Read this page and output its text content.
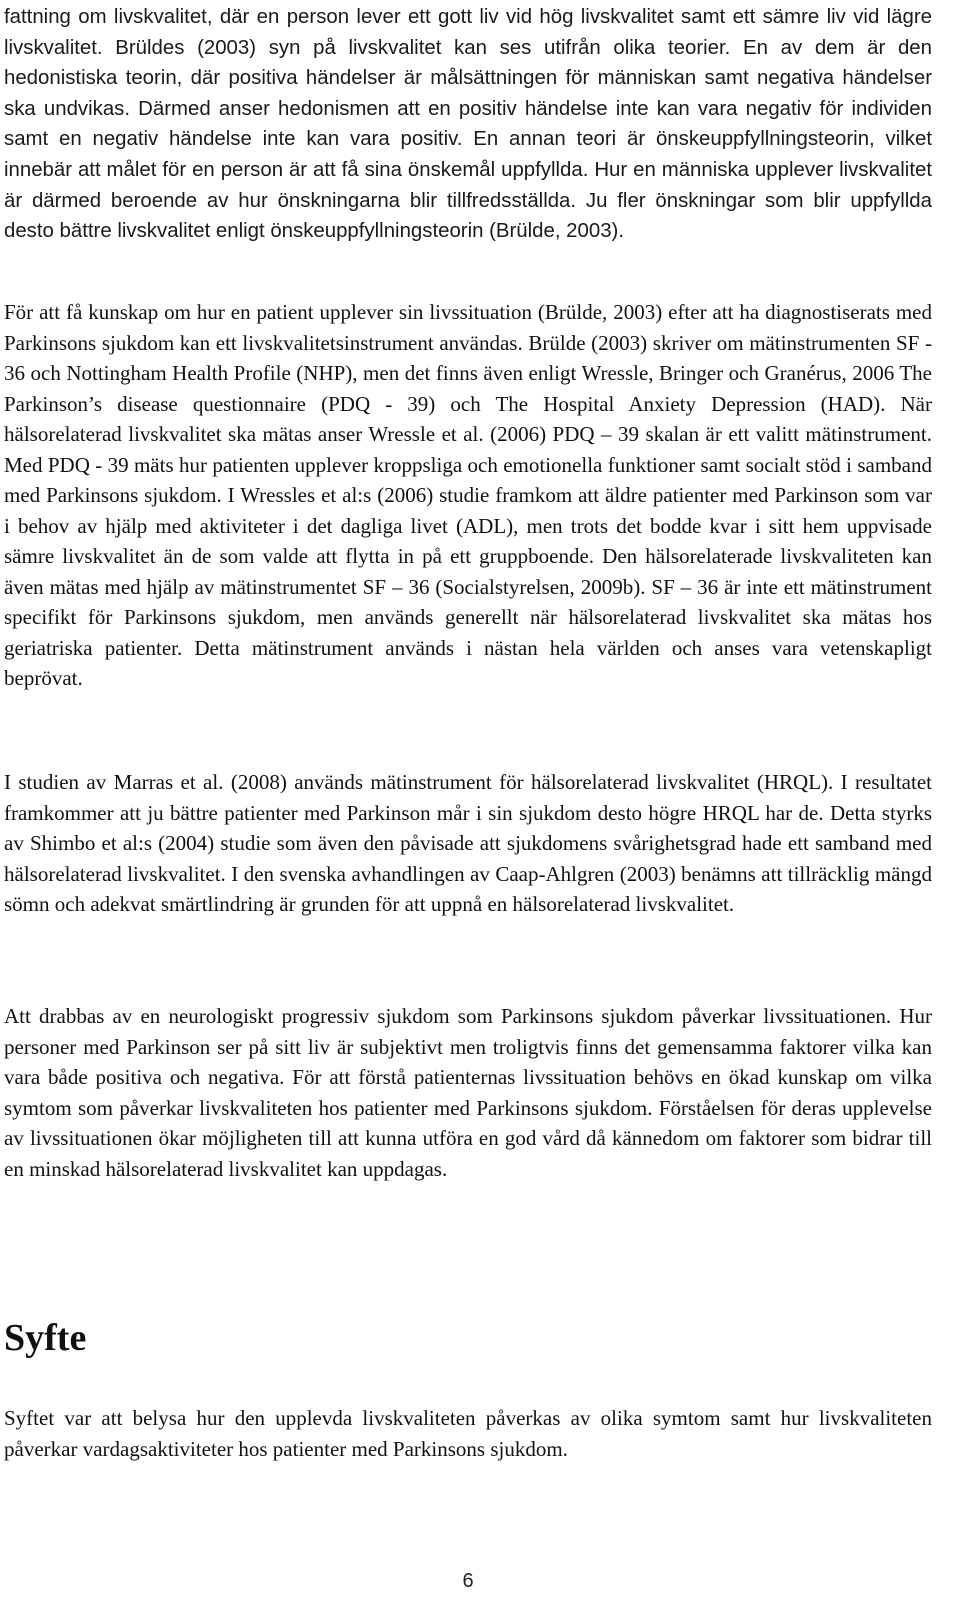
fattning om livskvalitet, där en person lever ett gott liv vid hög livskvalitet samt ett sämre liv vid lägre livskvalitet. Brüldes (2003) syn på livskvalitet kan ses utifrån olika teorier. En av dem är den hedonistiska teorin, där positiva händelser är målsättningen för människan samt negativa händelser ska undvikas. Därmed anser hedonismen att en positiv händelse inte kan vara negativ för individen samt en negativ händelse inte kan vara positiv. En annan teori är önskeuppfyllningsteorin, vilket innebär att målet för en person är att få sina önskemål uppfyllda. Hur en människa upplever livskvalitet är därmed beroende av hur önskningarna blir tillfredsställda. Ju fler önskningar som blir uppfyllda desto bättre livskvalitet enligt önskeuppfyllningsteorin (Brülde, 2003).

För att få kunskap om hur en patient upplever sin livssituation (Brülde, 2003) efter att ha diagnostiserats med Parkinsons sjukdom kan ett livskvalitetsinstrument användas. Brülde (2003) skriver om mätinstrumenten SF - 36 och Nottingham Health Profile (NHP), men det finns även enligt Wressle, Bringer och Granérus, 2006 The Parkinson’s disease questionnaire (PDQ - 39) och The Hospital Anxiety Depression (HAD). När hälsorelaterad livskvalitet ska mätas anser Wressle et al. (2006) PDQ – 39 skalan är ett valitt mätinstrument. Med PDQ - 39 mäts hur patienten upplever kroppsliga och emotionella funktioner samt socialt stöd i samband med Parkinsons sjukdom. I Wressles et al:s (2006) studie framkom att äldre patienter med Parkinson som var i behov av hjälp med aktiviteter i det dagliga livet (ADL), men trots det bodde kvar i sitt hem uppvisade sämre livskvalitet än de som valde att flytta in på ett gruppboende. Den hälsorelaterade livskvaliteten kan även mätas med hjälp av mätinstrumentet SF – 36 (Socialstyrelsen, 2009b). SF – 36 är inte ett mätinstrument specifikt för Parkinsons sjukdom, men används generellt när hälsorelaterad livskvalitet ska mätas hos geriatriska patienter. Detta mätinstrument används i nästan hela världen och anses vara vetenskapligt beprövat.

I studien av Marras et al. (2008) används mätinstrument för hälsorelaterad livskvalitet (HRQL). I resultatet framkommer att ju bättre patienter med Parkinson mår i sin sjukdom desto högre HRQL har de. Detta styrks av Shimbo et al:s (2004) studie som även den påvisade att sjukdomens svårighetsgrad hade ett samband med hälsorelaterad livskvalitet. I den svenska avhandlingen av Caap-Ahlgren (2003) benämns att tillräcklig mängd sömn och adekvat smärtlindring är grunden för att uppnå en hälsorelaterad livskvalitet.

Att drabbas av en neurologiskt progressiv sjukdom som Parkinsons sjukdom påverkar livssituationen. Hur personer med Parkinson ser på sitt liv är subjektivt men troligtvis finns det gemensamma faktorer vilka kan vara både positiva och negativa. För att förstå patienternas livssituation behövs en ökad kunskap om vilka symtom som påverkar livskvaliteten hos patienter med Parkinsons sjukdom. Förståelsen för deras upplevelse av livssituationen ökar möjligheten till att kunna utföra en god vård då kännedom om faktorer som bidrar till en minskad hälsorelaterad livskvalitet kan uppdagas.

Syfte

Syftet var att belysa hur den upplevda livskvaliteten påverkas av olika symtom samt hur livskvaliteten påverkar vardagsaktiviteter hos patienter med Parkinsons sjukdom.

6
